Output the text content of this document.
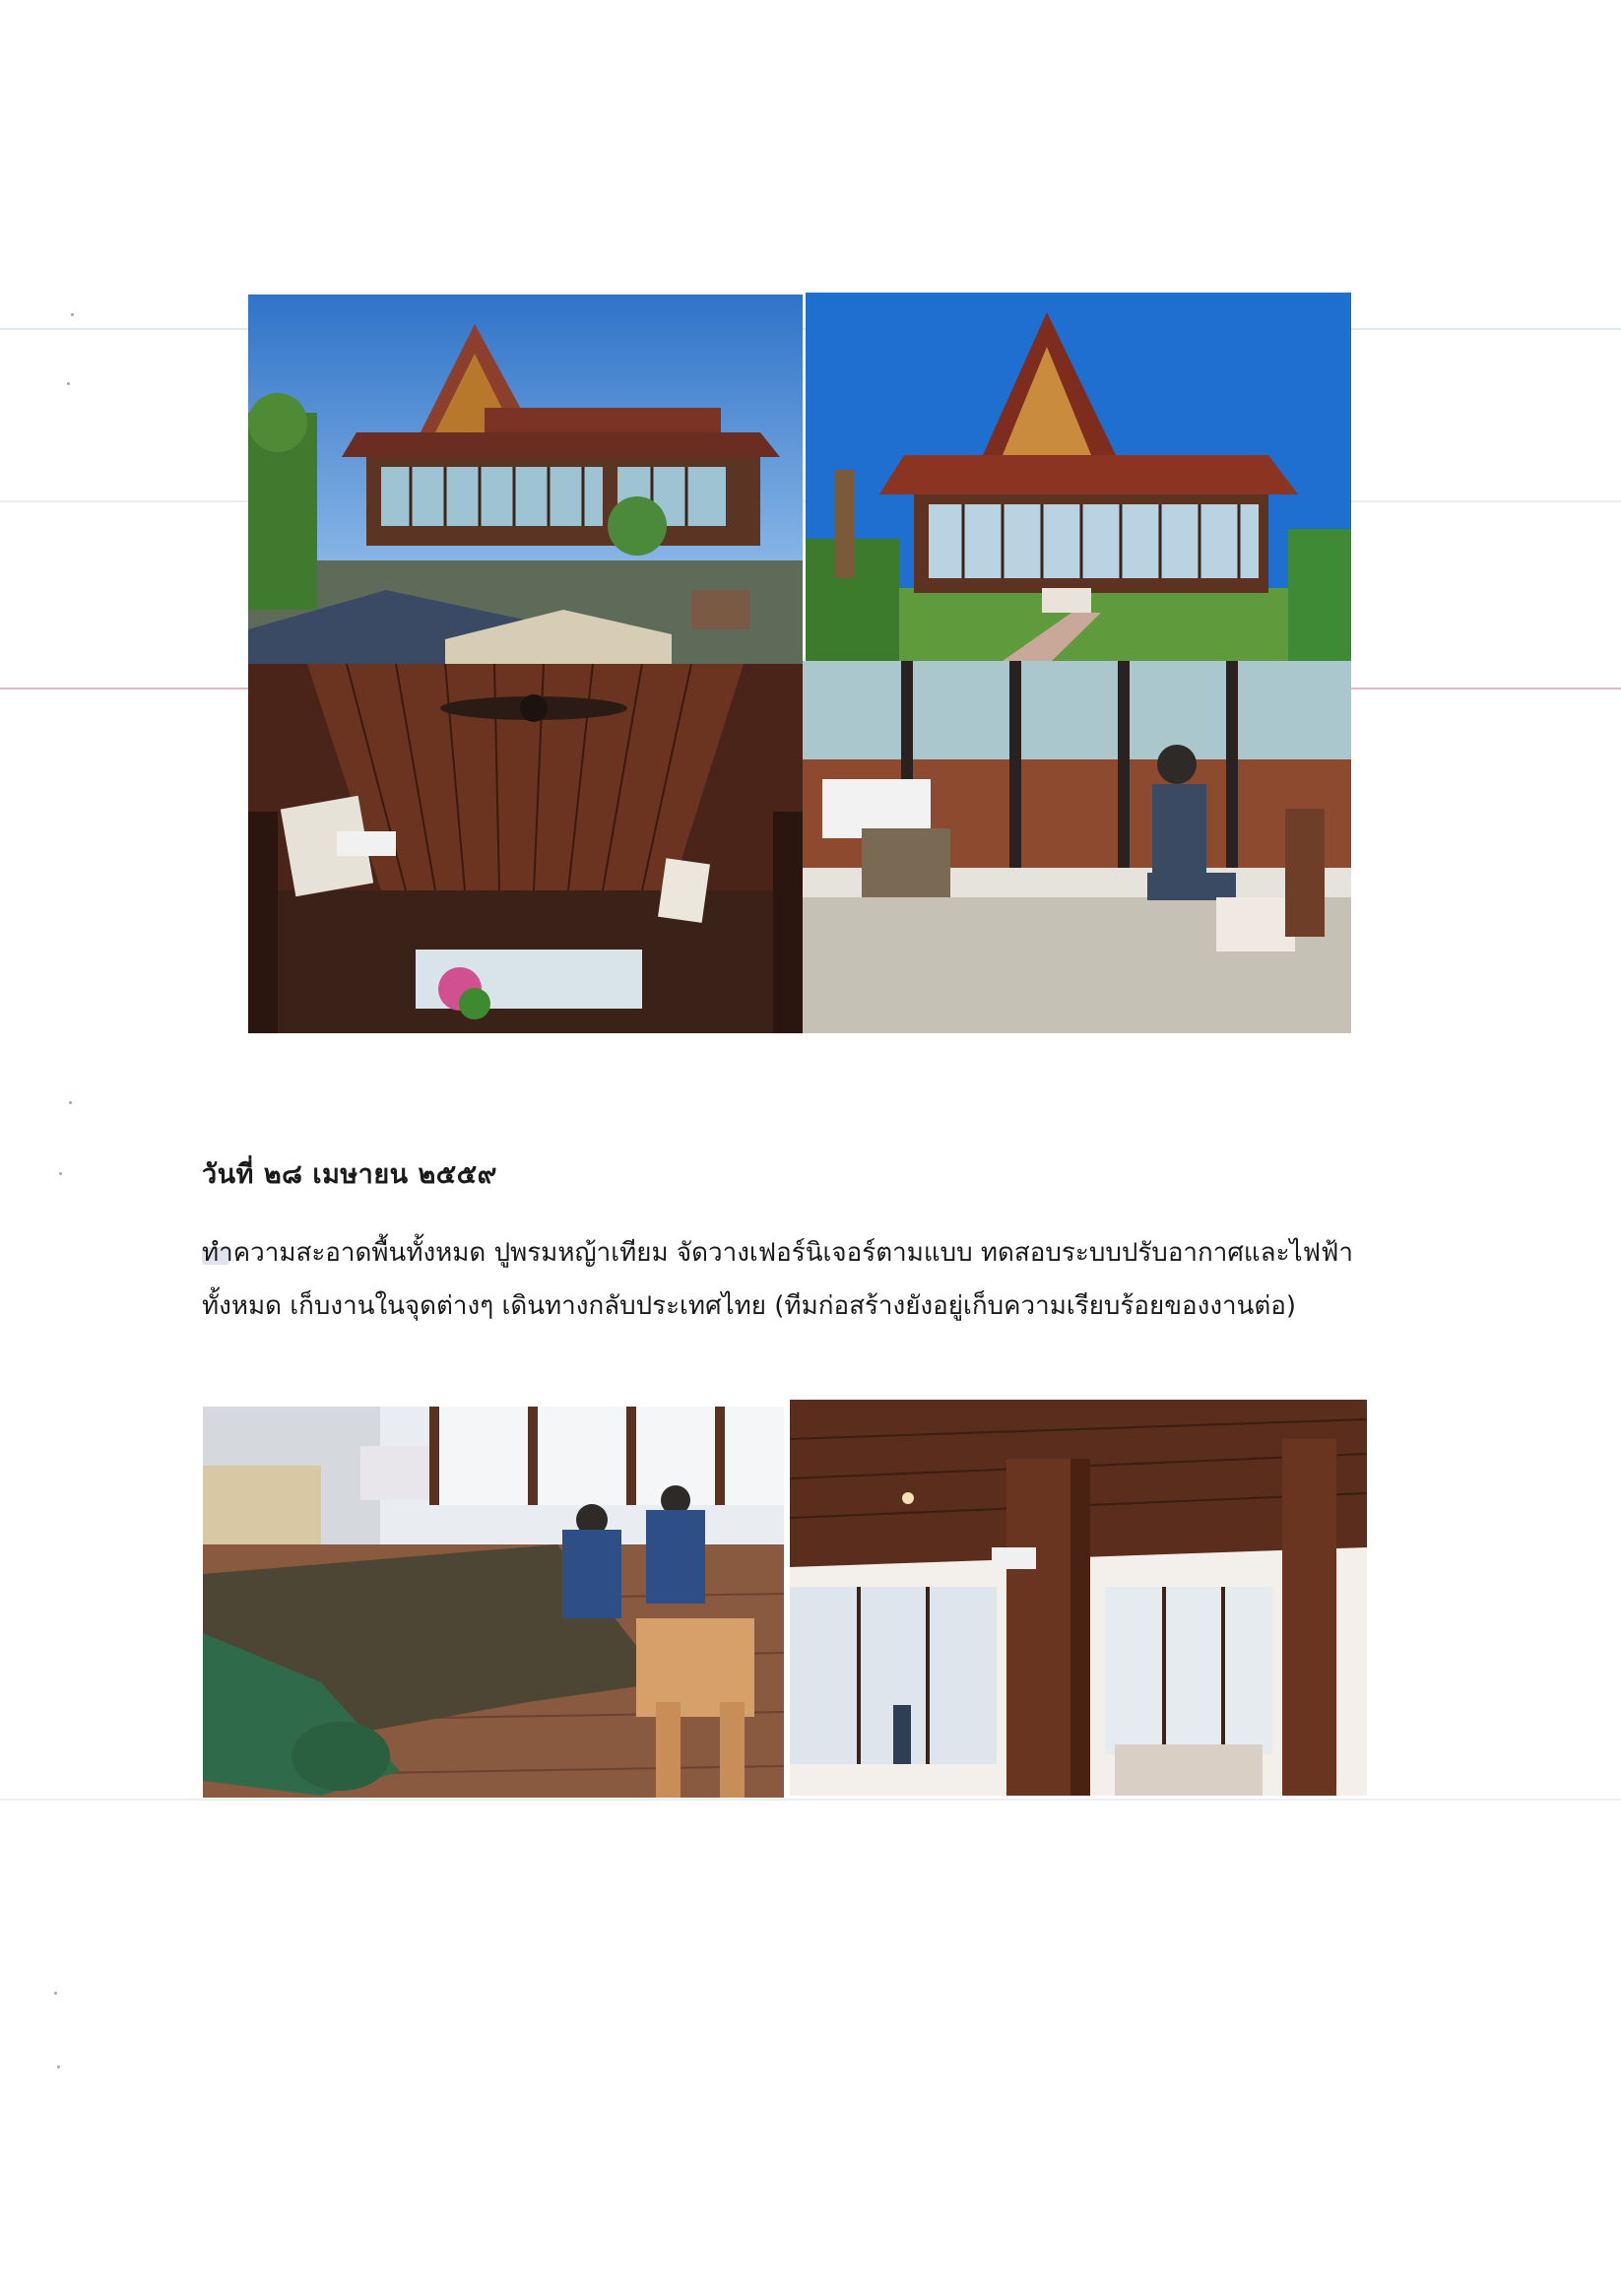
วันที่ ๒๘ เมษายน ๒๕๕๙

ทำความสะอาดพื้นทั้งหมด ปูพรมหญ้าเทียม จัดวางเฟอร์นิเจอร์ตามแบบ ทดสอบระบบปรับอากาศและไฟฟ้า

ทั้งหมด เก็บงานในจุดต่างๆ เดินทางกลับประเทศไทย (ทีมก่อสร้างยังอยู่เก็บความเรียบร้อยของงานต่อ)
